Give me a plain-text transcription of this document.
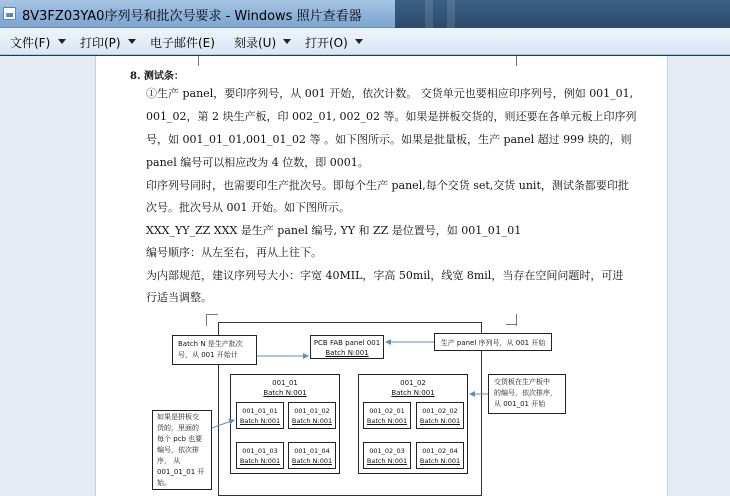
8V3FZ03YA0序列号和批次号要求 - Windows 照片查看器
文件(F) 打印(P) 电子邮件(E) 刻录(U) 打开(O)
8. 测试条：
①生产 panel，要印序列号，从 001 开始，依次计数。 交货单元也要相应印序列号，例如 001_01,
001_02，第 2 块生产板，印 002_01, 002_02 等。如果是拼板交货的，则还要在各单元板上印序列
号，如 001_01_01,001_01_02 等 。如下图所示。如果是批量板，生产 panel 超过 999 块的，则
panel 编号可以相应改为 4 位数，即 0001。
印序列号同时，也需要印生产批次号。即每个生产 panel,每个交货 set,交货 unit，测试条都要印批
次号。批次号从 001 开始。如下图所示。
XXX_YY_ZZ XXX 是生产 panel 编号, YY 和 ZZ 是位置号，如 001_01_01
编号顺序：从左至右，再从上往下。
为内部规范，建议序列号大小：字宽 40MIL，字高 50mil，线宽 8mil，当存在空间问题时，可进
行适当调整。
Batch N 是生产批次
号，从 001 开始计
PCB FAB panel 001
Batch N:001
生产 panel 序列号，从 001 开始
001_01
Batch N:001
001_02
Batch N:001
交货板在生产板中
的编号，依次排序，
从 001_01 开始
001_01_01
Batch N:001
001_01_02
Batch N:001
001_01_03
Batch N:001
001_01_04
Batch N:001
001_02_01
Batch N:001
001_02_02
Batch N:001
001_02_03
Batch N:001
001_02_04
Batch N:001
如果是拼板交
货的，里面的
每个 pcb 也要
编号，依次排
序， 从
001_01_01 开
始。
